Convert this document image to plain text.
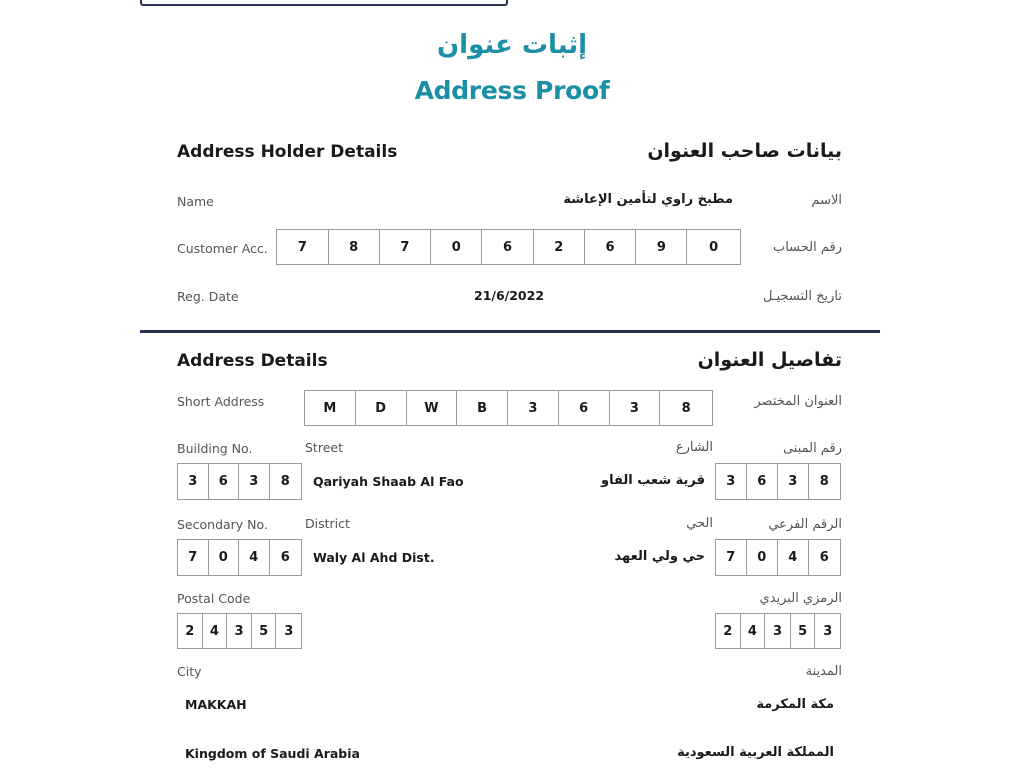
إثبات عنوان
Address Proof
Address Holder Details	بيانات صاحب العنوان
Name	مطبخ راوي لتأمين الإعاشة	الاسم
Customer Acc.	7	8	7	0	6	2	6	9	0	رقم الحساب
Reg. Date	21/6/2022	تاريخ التسجيـل
Address Details	تفاصيل العنوان
Short Address	M	D	W	B	3	6	3	8	العنوان المختصر
Building No.	Street	الشارع	رقم المبنى
3	6	3	8	Qariyah Shaab Al Fao	قرية شعب الفاو	3	6	3	8
Secondary No.	District	الحي	الرقم الفرعي
7	0	4	6	Waly Al Ahd Dist.	حي ولي العهد	7	0	4	6
Postal Code	الرمزي البريدي
2	4	3	5	3	2	4	3	5	3
City	المدينة
MAKKAH	مكة المكرمة
Kingdom of Saudi Arabia	المملكة العربية السعودية
